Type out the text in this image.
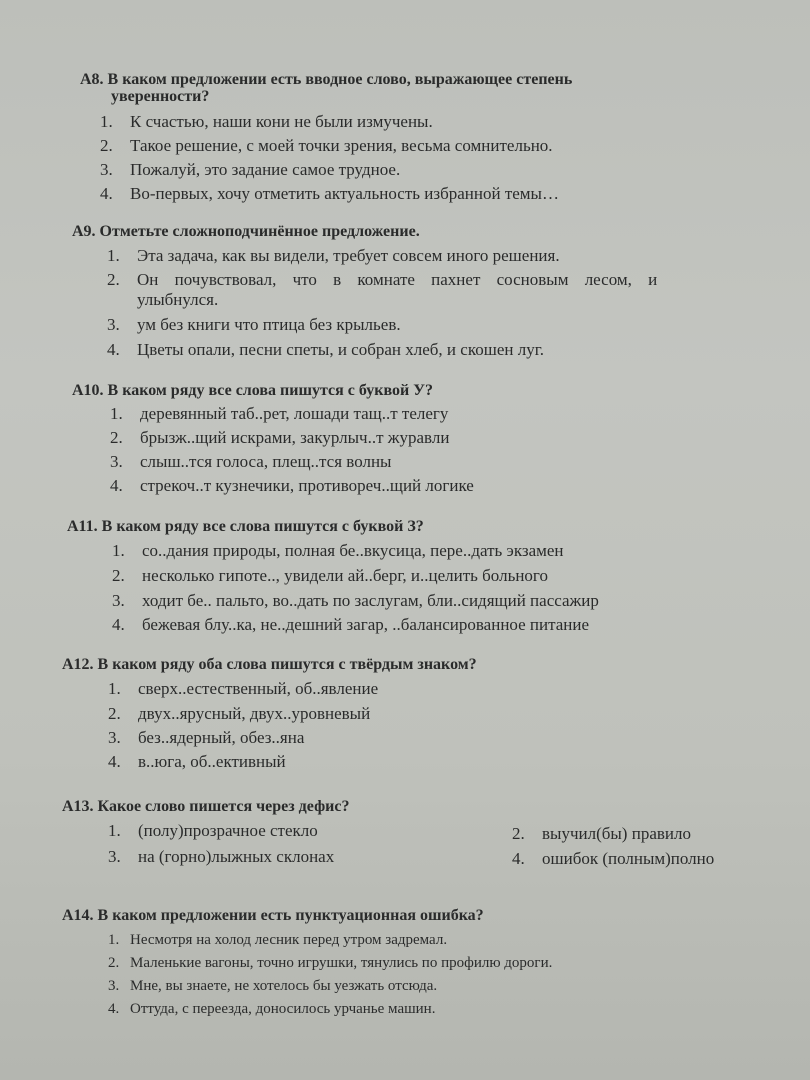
А8. В каком предложении есть вводное слово, выражающее степень
уверенности?
1. К счастью, наши кони не были измучены.
2. Такое решение, с моей точки зрения, весьма сомнительно.
3. Пожалуй, это задание самое трудное.
4. Во-первых, хочу отметить актуальность избранной темы…
А9. Отметьте сложноподчинённое предложение.
1. Эта задача, как вы видели, требует совсем иного решения.
2. Он почувствовал, что в комнате пахнет сосновым лесом, и
улыбнулся.
3. ум без книги что птица без крыльев.
4. Цветы опали, песни спеты, и собран хлеб, и скошен луг.
А10. В каком ряду все слова пишутся с буквой У?
1. деревянный таб..рет, лошади тащ..т телегу
2. брызж..щий искрами, закурлыч..т журавли
3. слыш..тся голоса, плещ..тся волны
4. стрекоч..т кузнечики, противореч..щий логике
А11. В каком ряду все слова пишутся с буквой З?
1. со..дания природы, полная бе..вкусица, пере..дать экзамен
2. несколько гипоте.., увидели ай..берг, и..целить больного
3. ходит бе.. пальто, во..дать по заслугам, бли..сидящий пассажир
4. бежевая блу..ка, не..дешний загар, ..балансированное питание
А12. В каком ряду оба слова пишутся с твёрдым знаком?
1. сверх..естественный, об..явление
2. двух..ярусный, двух..уровневый
3. без..ядерный, обез..яна
4. в..юга, об..ективный
А13. Какое слово пишется через дефис?
1. (полу)прозрачное стекло	2. выучил(бы) правило
3. на (горно)лыжных склонах	4. ошибок (полным)полно
А14. В каком предложении есть пунктуационная ошибка?
1. Несмотря на холод лесник перед утром задремал.
2. Маленькие вагоны, точно игрушки, тянулись по профилю дороги.
3. Мне, вы знаете, не хотелось бы уезжать отсюда.
4. Оттуда, с переезда, доносилось урчанье машин.
